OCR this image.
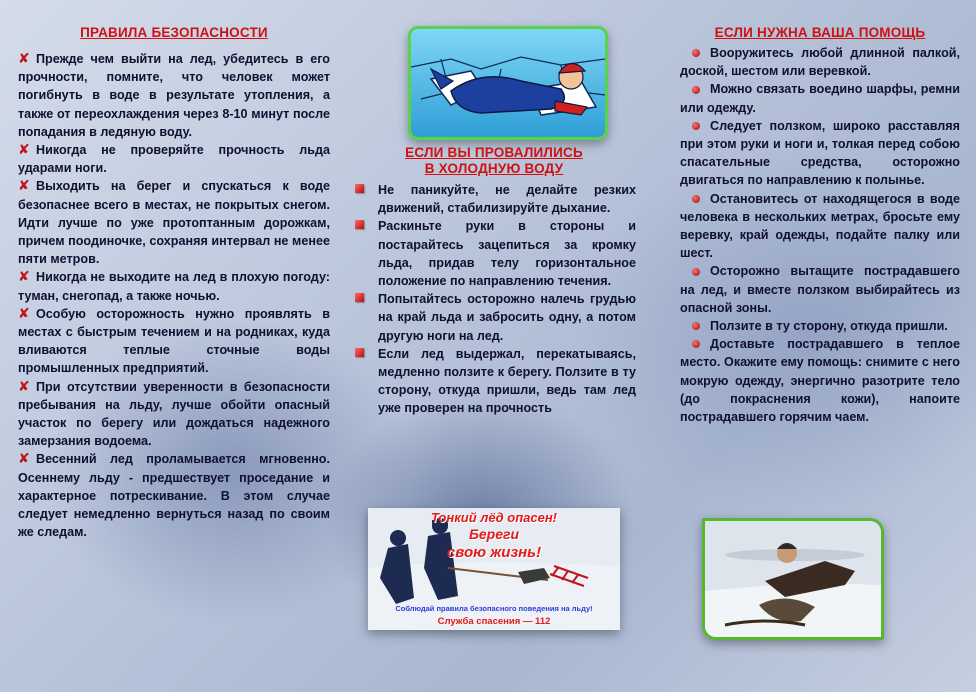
ПРАВИЛА БЕЗОПАСНОСТИ
✘ Прежде чем выйти на лед, убедитесь в его прочности, помните, что человек может погибнуть в воде в результате утопления, а также от переохлаждения через 8-10 минут после попадания в ледяную воду.
✘ Никогда не проверяйте прочность льда ударами ноги.
✘ Выходить на берег и спускаться к воде безопаснее всего в местах, не покрытых снегом. Идти лучше по уже протоптанным дорожкам, причем поодиночке, сохраняя интервал не менее пяти метров.
✘ Никогда не выходите на лед в плохую погоду: туман, снегопад, а также ночью.
✘ Особую осторожность нужно проявлять в местах с быстрым течением и на родниках, куда вливаются теплые сточные воды промышленных предприятий.
✘ При отсутствии уверенности в безопасности пребывания на льду, лучше обойти опасный участок по берегу или дождаться надежного замерзания водоема.
✘ Весенний лед проламывается мгновенно. Осеннему льду - предшествует проседание и характерное потрескивание. В этом случае следует немедленно вернуться назад по своим же следам.
ЕСЛИ ВЫ ПРОВАЛИЛИСЬ
В ХОЛОДНУЮ ВОДУ
Не паникуйте, не делайте резких движений, стабилизируйте дыхание.
Раскиньте руки в стороны и постарайтесь зацепиться за кромку льда, придав телу горизонтальное положение по направлению течения.
Попытайтесь осторожно налечь грудью на край льда и забросить одну, а потом другую ноги на лед.
Если лед выдержал, перекатываясь, медленно ползите к берегу. Ползите в ту сторону, откуда пришли, ведь там лед уже проверен на прочность
Тонкий лёд опасен!
Береги
свою жизнь!
Соблюдай правила безопасного поведения на льду!
Служба спасения — 112
ЕСЛИ НУЖНА ВАША ПОМОЩЬ
Вооружитесь любой длинной палкой, доской, шестом или веревкой.
Можно связать воедино шарфы, ремни или одежду.
Следует ползком, широко расставляя при этом руки и ноги и, толкая перед собою спасательные средства, осторожно двигаться по направлению к полынье.
Остановитесь от находящегося в воде человека в нескольких метрах, бросьте ему веревку, край одежды, подайте палку или шест.
Осторожно вытащите пострадавшего на лед, и вместе ползком выбирайтесь из опасной зоны.
Ползите в ту сторону, откуда пришли.
Доставьте пострадавшего в теплое место. Окажите ему помощь: снимите с него мокрую одежду, энергично разотрите тело (до покраснения кожи), напоите пострадавшего горячим чаем.
